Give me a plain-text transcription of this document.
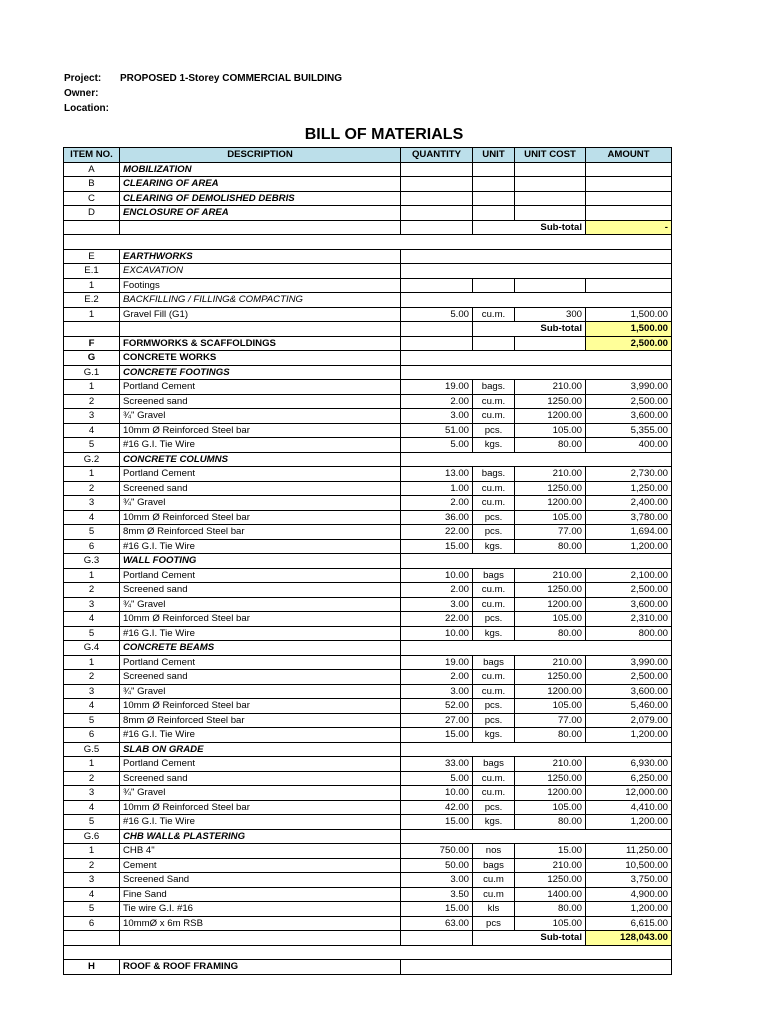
Project:	PROPOSED 1-Storey COMMERCIAL BUILDING
Owner:
Location:
BILL OF MATERIALS
ITEM NO.	DESCRIPTION	QUANTITY	UNIT	UNIT COST	AMOUNT
A	MOBILIZATION				
B	CLEARING OF AREA				
C	CLEARING OF DEMOLISHED DEBRIS				
D	ENCLOSURE OF AREA				
			Sub-total		-

E	EARTHWORKS				
E.1	EXCAVATION				
1	Footings				
E.2	BACKFILLING / FILLING& COMPACTING				
1	Gravel Fill (G1)	5.00	cu.m.	300	1,500.00
			Sub-total		1,500.00
F	FORMWORKS & SCAFFOLDINGS				2,500.00
G	CONCRETE WORKS				
G.1	CONCRETE FOOTINGS				
1	Portland Cement	19.00	bags.	210.00	3,990.00
2	Screened sand	2.00	cu.m.	1250.00	2,500.00
3	¾" Gravel	3.00	cu.m.	1200.00	3,600.00
4	10mm Ø Reinforced Steel bar	51.00	pcs.	105.00	5,355.00
5	#16 G.I. Tie Wire	5.00	kgs.	80.00	400.00
G.2	CONCRETE COLUMNS				
1	Portland Cement	13.00	bags.	210.00	2,730.00
2	Screened sand	1.00	cu.m.	1250.00	1,250.00
3	¾" Gravel	2.00	cu.m.	1200.00	2,400.00
4	10mm Ø Reinforced Steel bar	36.00	pcs.	105.00	3,780.00
5	8mm Ø Reinforced Steel bar	22.00	pcs.	77.00	1,694.00
6	#16 G.I. Tie Wire	15.00	kgs.	80.00	1,200.00
G.3	WALL FOOTING				
1	Portland Cement	10.00	bags	210.00	2,100.00
2	Screened sand	2.00	cu.m.	1250.00	2,500.00
3	¾" Gravel	3.00	cu.m.	1200.00	3,600.00
4	10mm Ø Reinforced Steel bar	22.00	pcs.	105.00	2,310.00
5	#16 G.I. Tie Wire	10.00	kgs.	80.00	800.00
G.4	CONCRETE BEAMS				
1	Portland Cement	19.00	bags	210.00	3,990.00
2	Screened sand	2.00	cu.m.	1250.00	2,500.00
3	¾" Gravel	3.00	cu.m.	1200.00	3,600.00
4	10mm Ø Reinforced Steel bar	52.00	pcs.	105.00	5,460.00
5	8mm Ø Reinforced Steel bar	27.00	pcs.	77.00	2,079.00
6	#16 G.I. Tie Wire	15.00	kgs.	80.00	1,200.00
G.5	SLAB ON GRADE				
1	Portland Cement	33.00	bags	210.00	6,930.00
2	Screened sand	5.00	cu.m.	1250.00	6,250.00
3	¾" Gravel	10.00	cu.m.	1200.00	12,000.00
4	10mm Ø Reinforced Steel bar	42.00	pcs.	105.00	4,410.00
5	#16 G.I. Tie Wire	15.00	kgs.	80.00	1,200.00
G.6	CHB WALL& PLASTERING				
1	CHB 4"	750.00	nos	15.00	11,250.00
2	Cement	50.00	bags	210.00	10,500.00
3	Screened Sand	3.00	cu.m	1250.00	3,750.00
4	Fine Sand	3.50	cu.m	1400.00	4,900.00
5	Tie wire G.I. #16	15.00	kls	80.00	1,200.00
6	10mmØ x 6m RSB	63.00	pcs	105.00	6,615.00
			Sub-total		128,043.00

H	ROOF & ROOF FRAMING				
